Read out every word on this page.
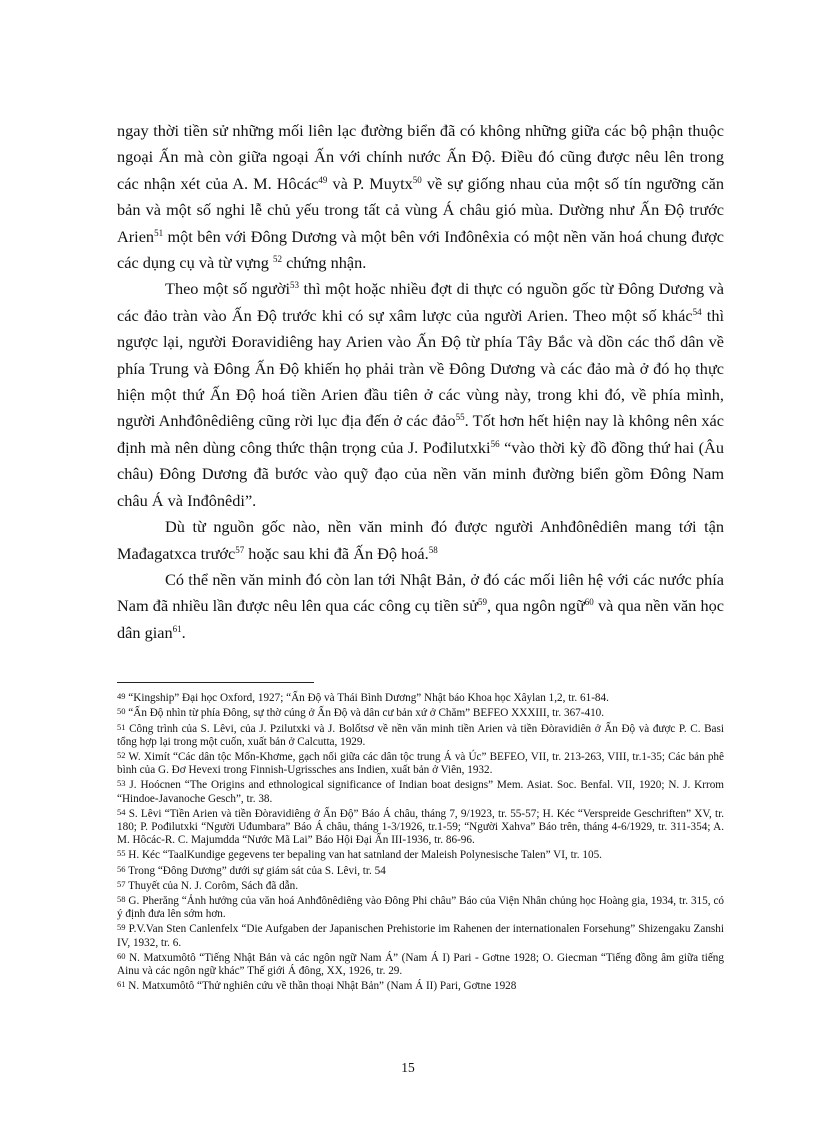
ngay thời tiền sử những mối liên lạc đường biển đã có không những giữa các bộ phận thuộc ngoại Ấn mà còn giữa ngoại Ấn với chính nước Ấn Độ. Điều đó cũng được nêu lên trong các nhận xét của A. M. Hôcác$^{49}$ và P. Muytx$^{50}$ về sự giống nhau của một số tín ngưỡng căn bản và một số nghi lễ chủ yếu trong tất cả vùng Á châu gió mùa. Dường như Ấn Độ trước Arien$^{51}$ một bên với Đông Dương và một bên với Inđônêxia có một nền văn hoá chung được các dụng cụ và từ vựng $^{52}$ chứng nhận.

Theo một số người$^{53}$ thì một hoặc nhiều đợt di thực có nguồn gốc từ Đông Dương và các đảo tràn vào Ấn Độ trước khi có sự xâm lược của người Arien. Theo một số khác$^{54}$ thì ngược lại, người Đoravidiêng hay Arien vào Ấn Độ từ phía Tây Bắc và dồn các thổ dân về phía Trung và Đông Ấn Độ khiến họ phải tràn về Đông Dương và các đảo mà ở đó họ thực hiện một thứ Ấn Độ hoá tiền Arien đầu tiên ở các vùng này, trong khi đó, về phía mình, người Anhđônêdiêng cũng rời lục địa đến ở các đảo$^{55}$. Tốt hơn hết hiện nay là không nên xác định mà nên dùng công thức thận trọng của J. Pođilutxki$^{56}$ “vào thời kỳ đồ đồng thứ hai (Âu châu) Đông Dương đã bước vào quỹ đạo của nền văn minh đường biển gồm Đông Nam châu Á và Inđônêdi”.

Dù từ nguồn gốc nào, nền văn minh đó được người Anhđônêdiên mang tới tận Mađagatxca trước$^{57}$ hoặc sau khi đã Ấn Độ hoá.$^{58}$

Có thể nền văn minh đó còn lan tới Nhật Bản, ở đó các mối liên hệ với các nước phía Nam đã nhiều lần được nêu lên qua các công cụ tiền sử$^{59}$, qua ngôn ngữ$^{60}$ và qua nền văn học dân gian$^{61}$.

49 “Kingship” Đại học Oxford, 1927; “Ấn Độ và Thái Bình Dương” Nhật báo Khoa học Xâylan 1,2, tr. 61-84.

50 “Ấn Độ nhìn từ phía Đông, sự thờ cúng ở Ấn Độ và dân cư bản xứ ở Chăm” BEFEO XXXIII, tr. 367-410.

51 Công trình của S. Lêvi, của J. Pzilutxki và J. Bolốtsơ về nền văn minh tiền Arien và tiền Đòravidiên ở Ấn Độ và được P. C. Basi tổng hợp lại trong một cuốn, xuất bản ở Calcutta, 1929.

52 W. Ximít “Các dân tộc Mốn-Khơme, gạch nối giữa các dân tộc trung Á và Úc” BEFEO, VII, tr. 213-263, VIII, tr.1-35; Các bản phê bình của G. Đơ Hevexi trong Finnish-Ugrissches ans Indien, xuất bản ở Viên, 1932.

53 J. Hoócnen “The Origins and ethnological significance of Indian boat designs” Mem. Asiat. Soc. Benfal. VII, 1920; N. J. Krrom “Hindoe-Javanoche Gesch”, tr. 38.

54 S. Lêvi “Tiền Arien và tiền Đòravidiêng ở Ấn Độ” Báo Á châu, tháng 7, 9/1923, tr. 55-57; H. Kéc “Verspreide Geschriften” XV, tr. 180; P. Pođilutxki “Người Uđumbara” Báo Á châu, tháng 1-3/1926, tr.1-59; “Người Xahva” Báo trên, tháng 4-6/1929, tr. 311-354; A. M. Hôcác-R. C. Majumdda “Nước Mã Lai” Báo Hội Đại Ấn III-1936, tr. 86-96.

55 H. Kéc “TaalKundige gegevens ter bepaling van hat satnland der Maleish Polynesische Talen” VI, tr. 105.

56 Trong “Đông Dương” dưới sự giám sát của S. Lêvi, tr. 54

57 Thuyết của N. J. Corôm, Sách đã dẫn.

58 G. Pherăng “Ảnh hưởng của văn hoá Anhđônêdiêng vào Đông Phi châu” Báo của Viện Nhân chủng học Hoàng gia, 1934, tr. 315, có ý định đưa lên sớm hơn.

59 P.V.Van Sten Canlenfelx “Die Aufgaben der Japanischen Prehistorie im Rahenen der internationalen Forsehung” Shizengaku Zanshi IV, 1932, tr. 6.

60 N. Matxumôtô “Tiếng Nhật Bản và các ngôn ngữ Nam Á” (Nam Á I) Pari - Gơtne 1928; O. Giecman “Tiếng đồng âm giữa tiếng Ainu và các ngôn ngữ khác” Thế giới Á đông, XX, 1926, tr. 29.

61 N. Matxumôtô “Thử nghiên cứu về thần thoại Nhật Bản” (Nam Á II) Pari, Gơtne 1928

15
